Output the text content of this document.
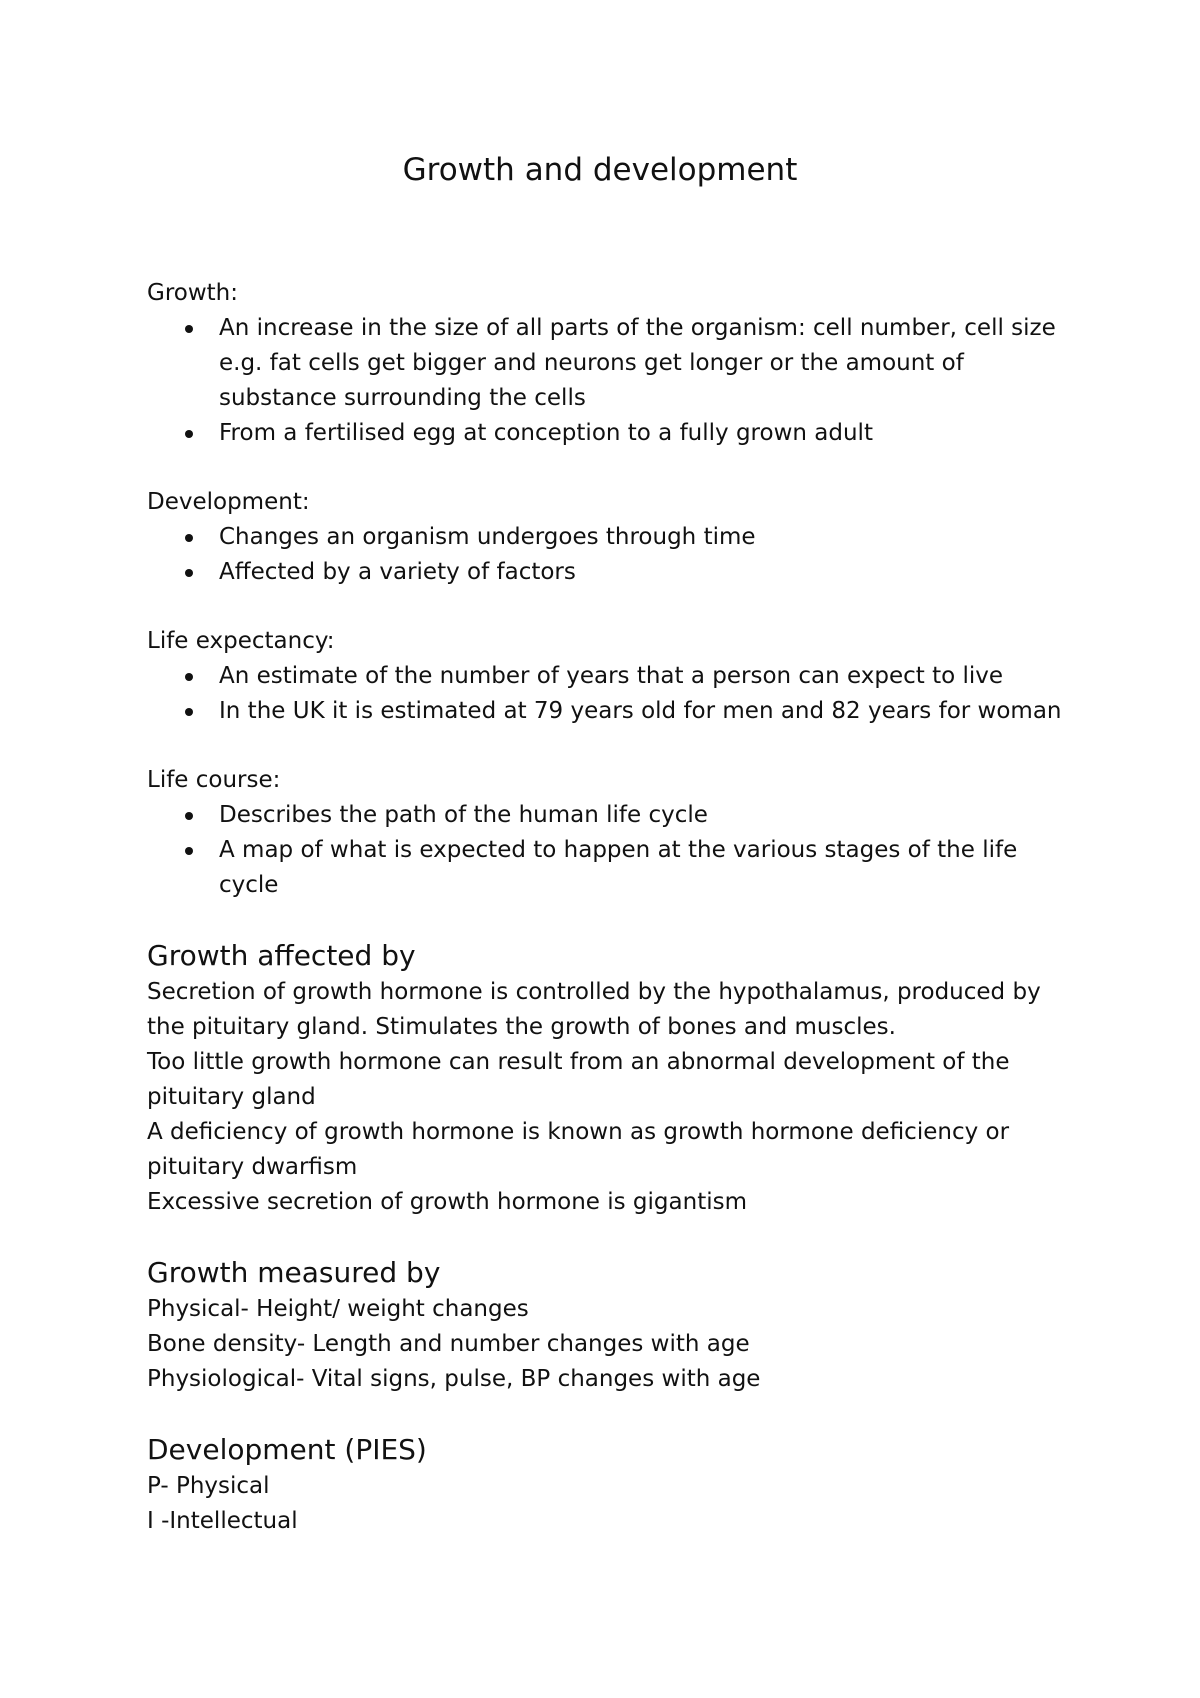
Growth and development

Growth:

An increase in the size of all parts of the organism: cell number, cell size e.g. fat cells get bigger and neurons get longer or the amount of substance surrounding the cells
From a fertilised egg at conception to a fully grown adult

Development:

Changes an organism undergoes through time
Affected by a variety of factors

Life expectancy:

An estimate of the number of years that a person can expect to live
In the UK it is estimated at 79 years old for men and 82 years for woman

Life course:

Describes the path of the human life cycle
A map of what is expected to happen at the various stages of the life cycle
Growth affected by

Secretion of growth hormone is controlled by the hypothalamus, produced by the pituitary gland. Stimulates the growth of bones and muscles.

Too little growth hormone can result from an abnormal development of the pituitary gland

A deficiency of growth hormone is known as growth hormone deficiency or pituitary dwarfism

Excessive secretion of growth hormone is gigantism

Growth measured by

Physical- Height/ weight changes

Bone density- Length and number changes with age

Physiological- Vital signs, pulse, BP changes with age

Development (PIES)

P- Physical

I -Intellectual
